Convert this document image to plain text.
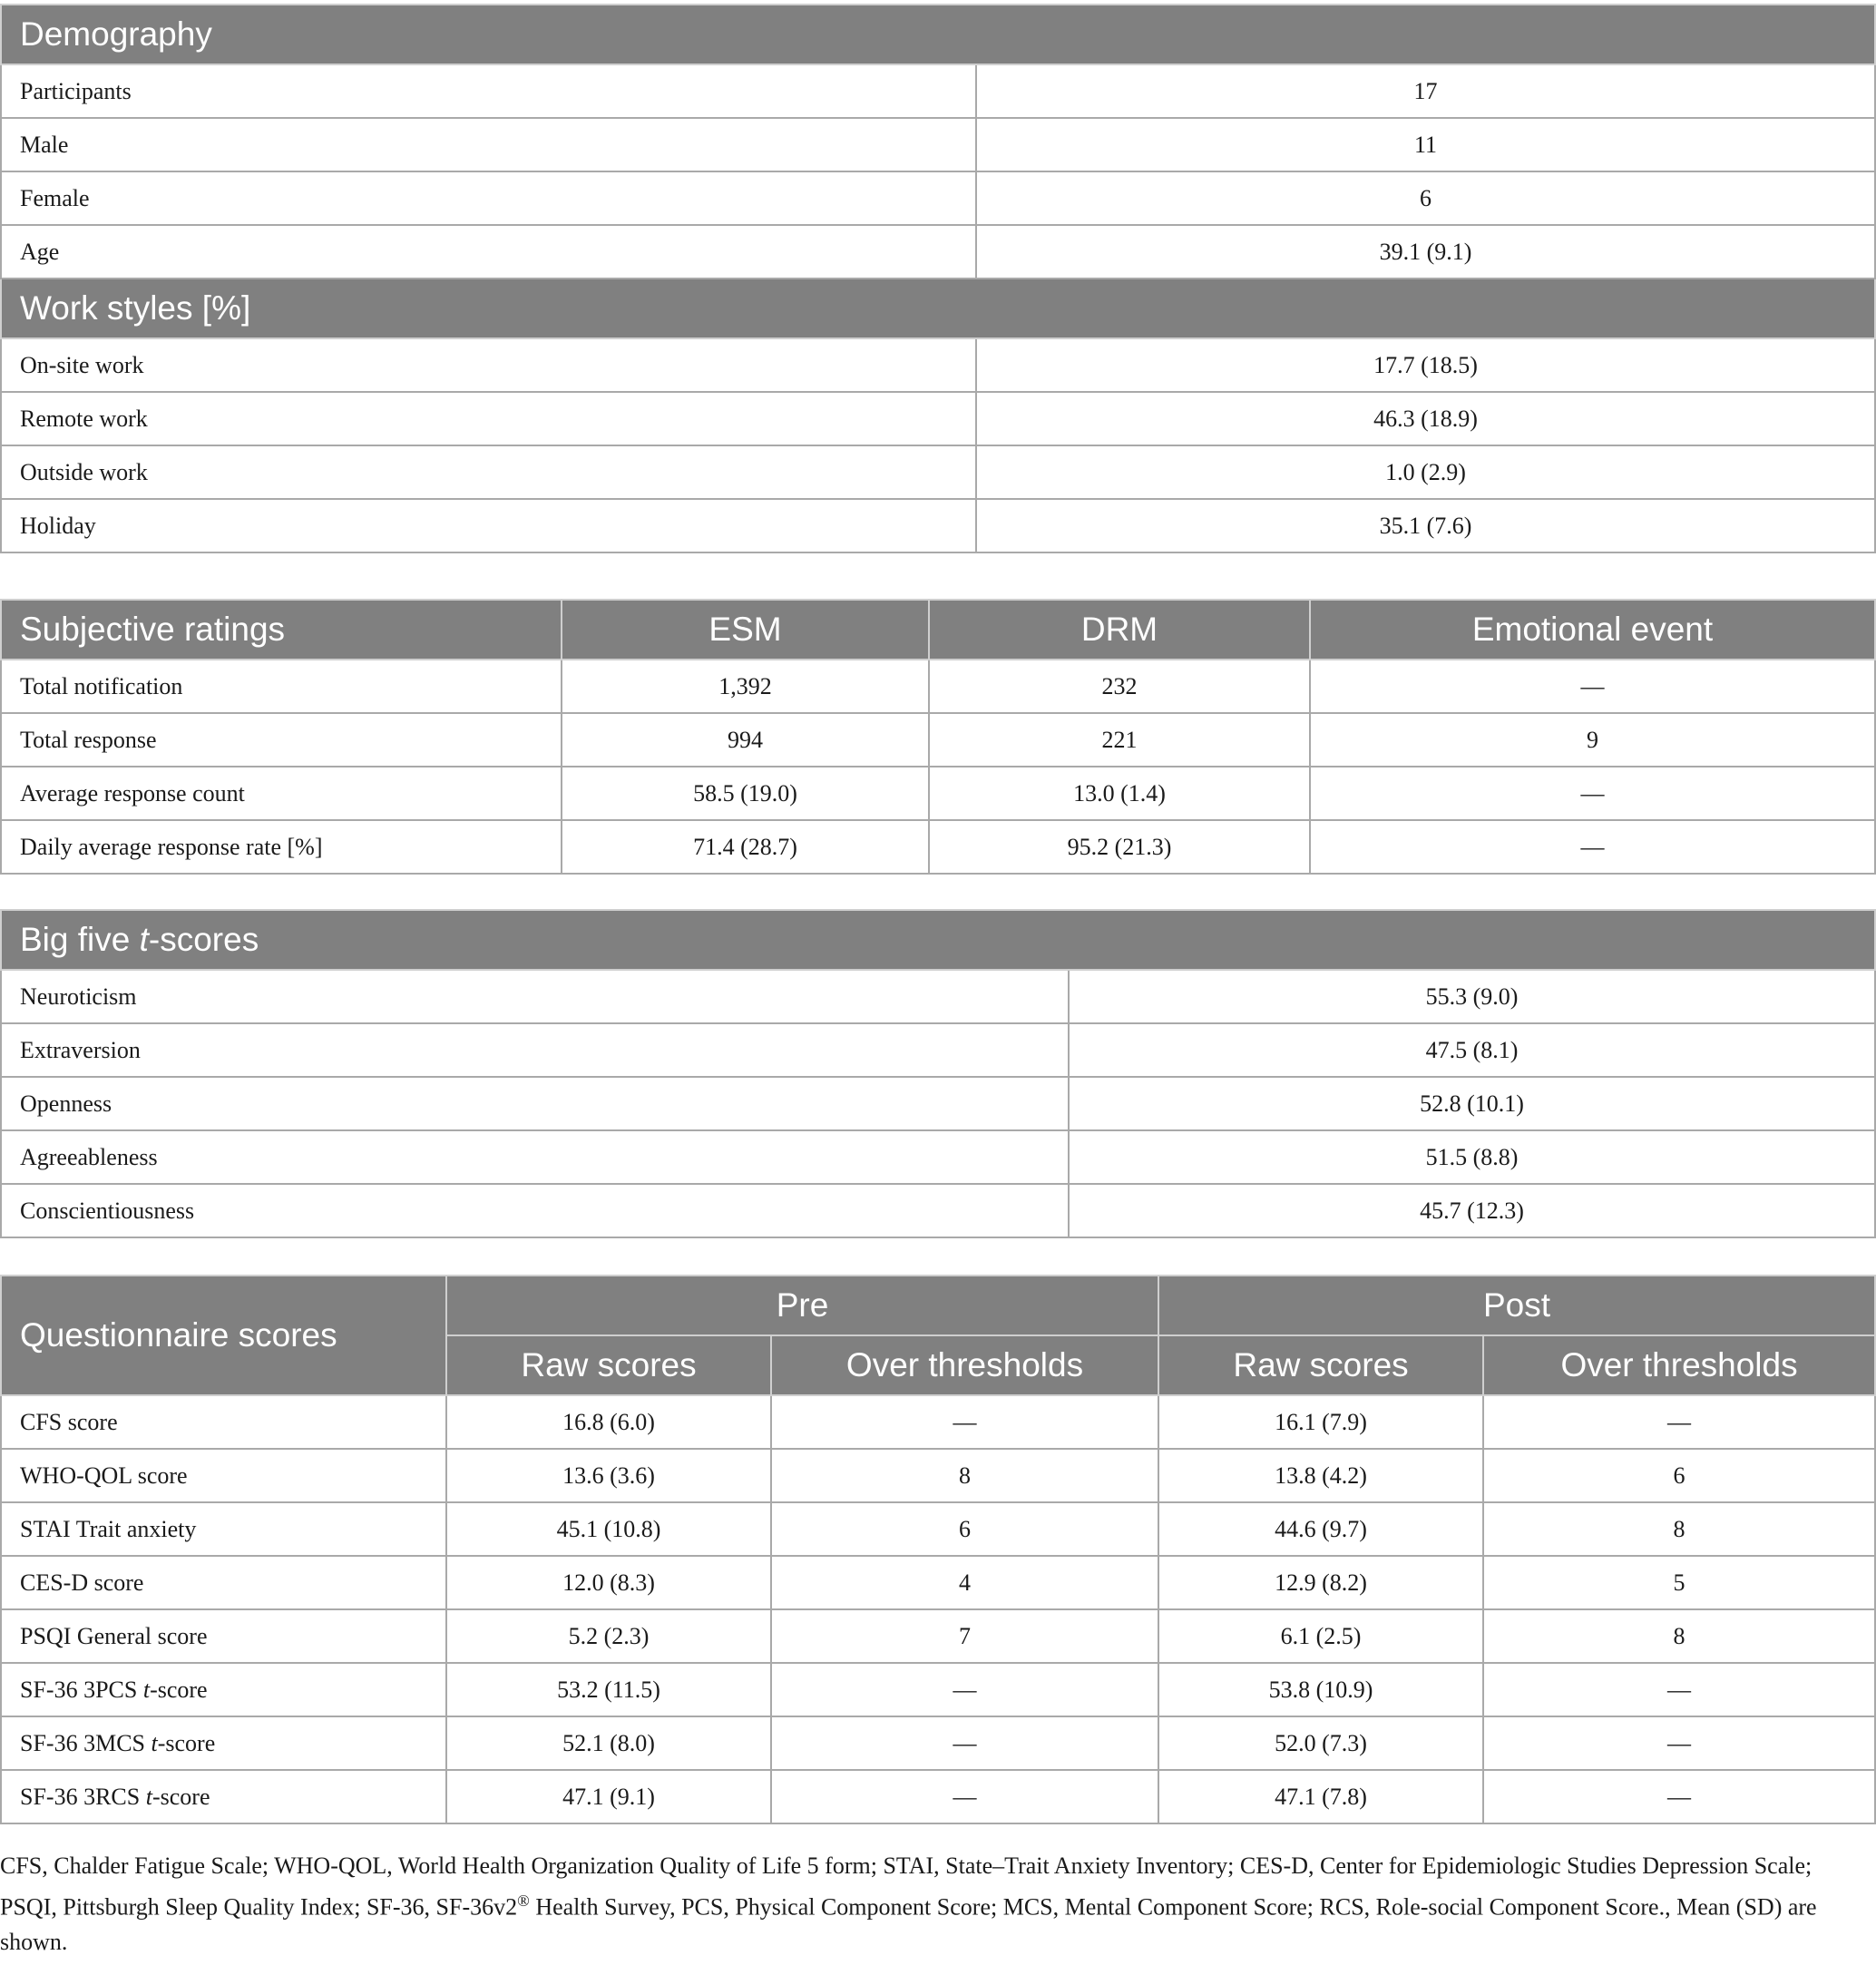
Demography	
Participants	17
Male	11
Female	6
Age	39.1 (9.1)
Work styles [%]	
On-site work	17.7 (18.5)
Remote work	46.3 (18.9)
Outside work	1.0 (2.9)
Holiday	35.1 (7.6)
Subjective ratings	ESM	DRM	Emotional event
Total notification	1,392	232	—
Total response	994	221	9
Average response count	58.5 (19.0)	13.0 (1.4)	—
Daily average response rate [%]	71.4 (28.7)	95.2 (21.3)	—
Big five t-scores	
Neuroticism	55.3 (9.0)
Extraversion	47.5 (8.1)
Openness	52.8 (10.1)
Agreeableness	51.5 (8.8)
Conscientiousness	45.7 (12.3)
Questionnaire scores	Pre		Post	
	Raw scores	Over thresholds	Raw scores	Over thresholds
CFS score	16.8 (6.0)	—	16.1 (7.9)	—
WHO-QOL score	13.6 (3.6)	8	13.8 (4.2)	6
STAI Trait anxiety	45.1 (10.8)	6	44.6 (9.7)	8
CES-D score	12.0 (8.3)	4	12.9 (8.2)	5
PSQI General score	5.2 (2.3)	7	6.1 (2.5)	8
SF-36 3PCS t-score	53.2 (11.5)	—	53.8 (10.9)	—
SF-36 3MCS t-score	52.1 (8.0)	—	52.0 (7.3)	—
SF-36 3RCS t-score	47.1 (9.1)	—	47.1 (7.8)	—
CFS, Chalder Fatigue Scale; WHO-QOL, World Health Organization Quality of Life 5 form; STAI, State–Trait Anxiety Inventory; CES-D, Center for Epidemiologic Studies Depression Scale; PSQI, Pittsburgh Sleep Quality Index; SF-36, SF-36v2® Health Survey, PCS, Physical Component Score; MCS, Mental Component Score; RCS, Role-social Component Score., Mean (SD) are shown.
